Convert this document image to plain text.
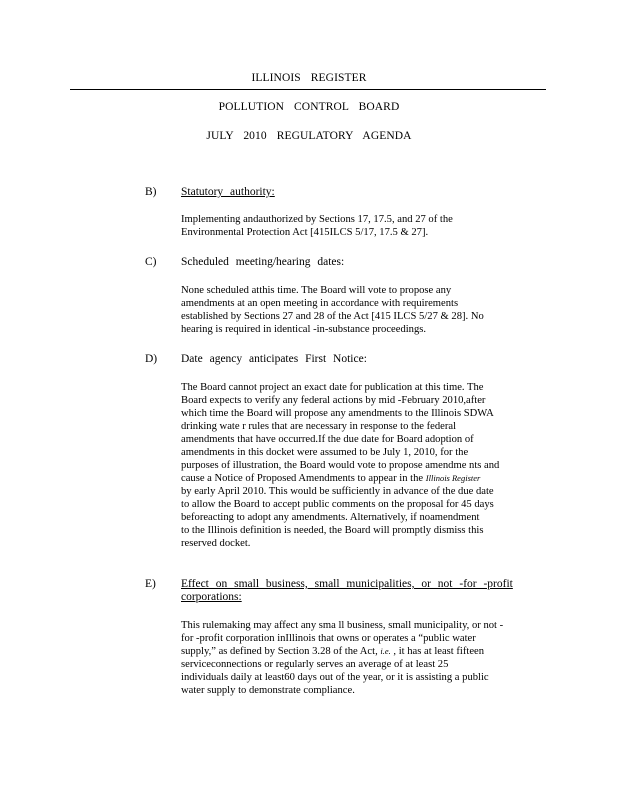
ILLINOIS REGISTER
POLLUTION CONTROL BOARD
JULY 2010 REGULATORY AGENDA
B) Statutory authority:
Implementing andauthorized by Sections 17, 17.5, and 27 of the
Environmental Protection Act [415ILCS 5/17, 17.5 & 27].
C) Scheduled meeting/hearing dates:
None scheduled atthis time. The Board will vote to propose any
amendments at an open meeting in accordance with requirements
established by Sections 27 and 28 of the Act [415 ILCS 5/27 & 28]. No
hearing is required in identical -in-substance proceedings.
D) Date agency anticipates First Notice:
The Board cannot project an exact date for publication at this time. The
Board expects to verify any federal actions by mid -February 2010,after
which time the Board will propose any amendments to the Illinois SDWA
drinking wate r rules that are necessary in response to the federal
amendments that have occurred.If the due date for Board adoption of
amendments in this docket were assumed to be July 1, 2010, for the
purposes of illustration, the Board would vote to propose amendme nts and
cause a Notice of Proposed Amendments to appear in the Illinois Register
by early April 2010. This would be sufficiently in advance of the due date
to allow the Board to accept public comments on the proposal for 45 days
beforeacting to adopt any amendments. Alternatively, if noamendment
to the Illinois definition is needed, the Board will promptly dismiss this
reserved docket.
E) Effect on small business, small municipalities, or not -for -profit
corporations:
This rulemaking may affect any sma ll business, small municipality, or not -
for -profit corporation inIllinois that owns or operates a “public water
supply,” as defined by Section 3.28 of the Act, i.e. , it has at least fifteen
serviceconnections or regularly serves an average of at least 25
individuals daily at least60 days out of the year, or it is assisting a public
water supply to demonstrate compliance.
